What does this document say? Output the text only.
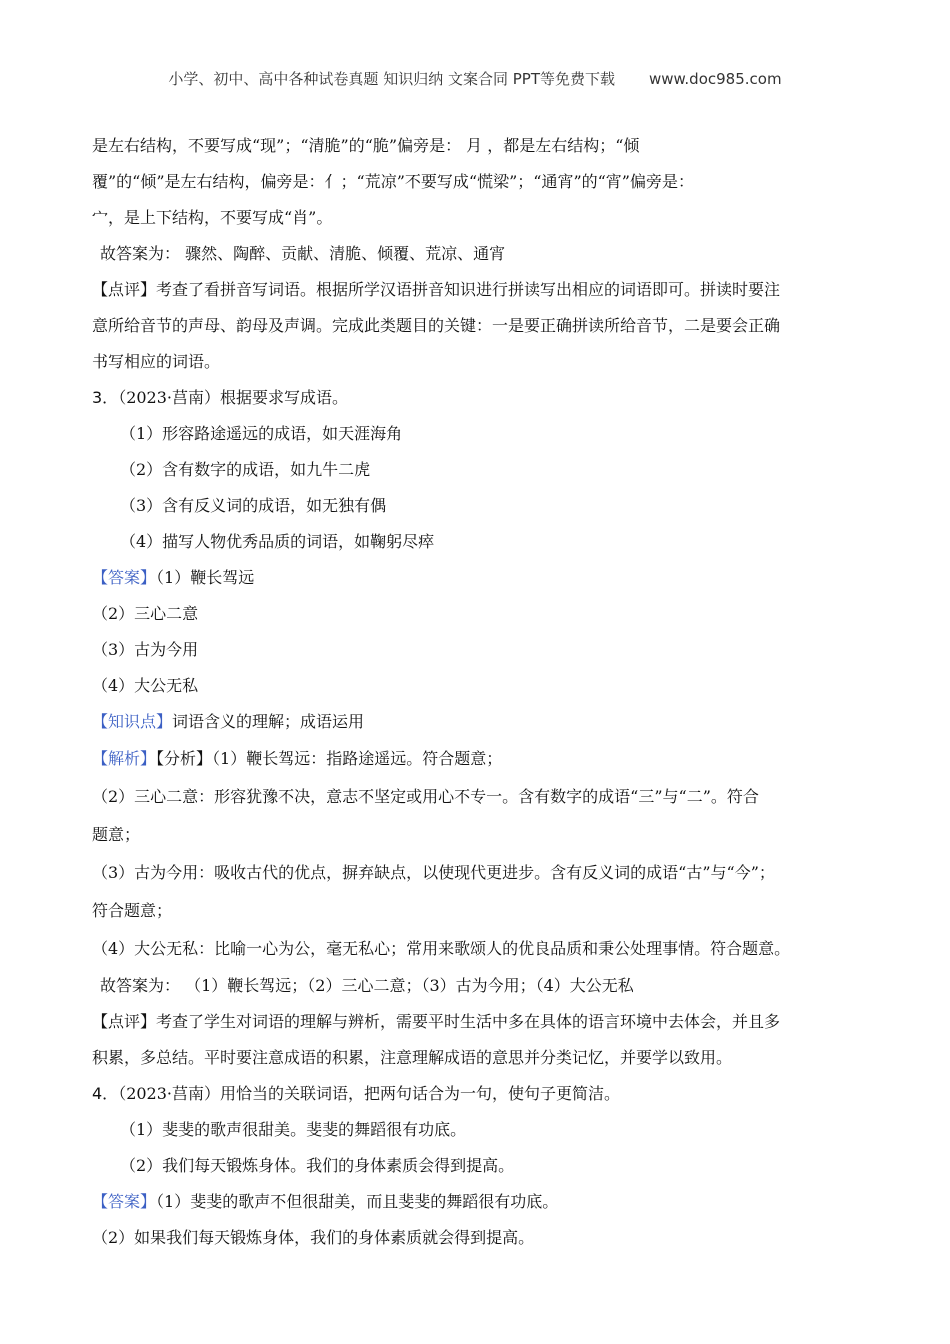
小学、初中、高中各种试卷真题 知识归纳 文案合同 PPT等免费下载 www.doc985.com
是左右结构，不要写成“现”；“清脆”的“脆”偏旁是： 月 ，都是左右结构；“倾
覆”的“倾”是左右结构，偏旁是：亻；“荒凉”不要写成“慌梁”；“通宵”的“宵”偏旁是：
宀，是上下结构，不要写成“肖”。
故答案为： 骤然、陶醉、贡献、清脆、倾覆、荒凉、通宵
【点评】考查了看拼音写词语。根据所学汉语拼音知识进行拼读写出相应的词语即可。拼读时要注
意所给音节的声母、韵母及声调。完成此类题目的关键：一是要正确拼读所给音节，二是要会正确
书写相应的词语。
3．（2023·莒南）根据要求写成语。
（1）形容路途遥远的成语，如天涯海角
（2）含有数字的成语，如九牛二虎
（3）含有反义词的成语，如无独有偶
（4）描写人物优秀品质的词语，如鞠躬尽瘁
【答案】（1）鞭长驾远
（2）三心二意
（3）古为今用
（4）大公无私
【知识点】词语含义的理解；成语运用
【解析】【分析】（1）鞭长驾远：指路途遥远。符合题意；
（2）三心二意：形容犹豫不决，意志不坚定或用心不专一。含有数字的成语“三”与“二”。符合
题意；
（3）古为今用：吸收古代的优点，摒弃缺点，以使现代更进步。含有反义词的成语“古”与“今”；
符合题意；
（4）大公无私：比喻一心为公，毫无私心；常用来歌颂人的优良品质和秉公处理事情。符合题意。
故答案为： （1）鞭长驾远；（2）三心二意；（3）古为今用；（4）大公无私
【点评】考查了学生对词语的理解与辨析，需要平时生活中多在具体的语言环境中去体会，并且多
积累，多总结。平时要注意成语的积累，注意理解成语的意思并分类记忆，并要学以致用。
4．（2023·莒南）用恰当的关联词语，把两句话合为一句，使句子更简洁。
（1）斐斐的歌声很甜美。斐斐的舞蹈很有功底。
（2）我们每天锻炼身体。我们的身体素质会得到提高。
【答案】（1）斐斐的歌声不但很甜美，而且斐斐的舞蹈很有功底。
（2）如果我们每天锻炼身体，我们的身体素质就会得到提高。
